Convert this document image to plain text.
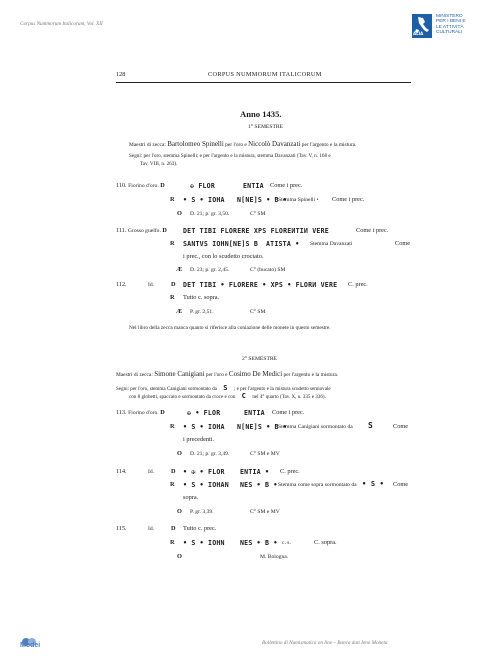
Corpus Nummorum Italicorum, Vol. XII
ALIA
MINISTERO
PER I BENI E
LE ATTIVITÀ
CULTURALI
128	CORPUS NUMMORUM ITALICORUM
Anno 1435.
1° SEMESTRE
Maestri di zecca: Bartolomeo Spinelli per l'oro e Niccolò Davanzati per l'argento e la mistura.
Segni: per l'oro, stemma Spinelli; e per l'argento e la mistura, stemma Davanzati (Tav. V, n. 168 e
Tav. VIII, n. 263).
110. Fiorino d'oro. D	✠ FLOR	ENTIA Come i prec.
R • S • IOHA N[NE]S • B •
Stemma Spinelli • Come i prec.
O D. 21; p. gr. 3,50.	C° SM
111. Grosso guelfo. D DET TIBI FLORERE XPS FLOREИTIИ VERE	Come i prec.
R SANTVS IOHN[NE]S B ATISTA • Stemma Davanzati	Come
i prec., con lo scudetto crociato.
Æ D. 23; p. gr. 2,45.	C° (bucato) SM
112.	Id.	D DET TIBI • FLORERE • XPS • FLORИ VERE C. prec.
R Tutto c. sopra.
Æ P. gr. 2,51.	C° SM
Nel libro della zecca manca quanto si riferisce alla coniazione delle monete in questo semestre.
2° SEMESTRE
Maestri di zecca: Simone Canigiani per l'oro e Cosimo De Medici per l'argento e la mistura.
Segni: per l'oro, stemma Canigiani sormontato da S ; e per l'argento e la mistura scudetto semiovale
con 8 globetti, spaccato e sormontato da croce e con C nel 4° quarto (Tav. X, n. 335 e 336).
113. Fiorino d'oro. D	✠ • FLOR	ENTIA Come i prec.
R • S • IOHA N[NE]S • B •
Stemma Canigiani sormontato da S	Come
i precedenti.
O D. 21; p. gr. 3,49.	C° SM e MV
114.	Id.	D • ✠ • FLOR ENTIA • C. prec.
R • S • IOHAN NES • B • Stemma come sopra sormontato da • S • Come
sopra.
O P. gr. 3,39.	C° SM e MV
115.	Id.	D Tutto c. prec.
R • S • IOHN NES • B • c. s.	C. sopra.
O	M. Bologna.
Modei	Bollettino di Numismatica on line – Banca dati Ieno Moneta
